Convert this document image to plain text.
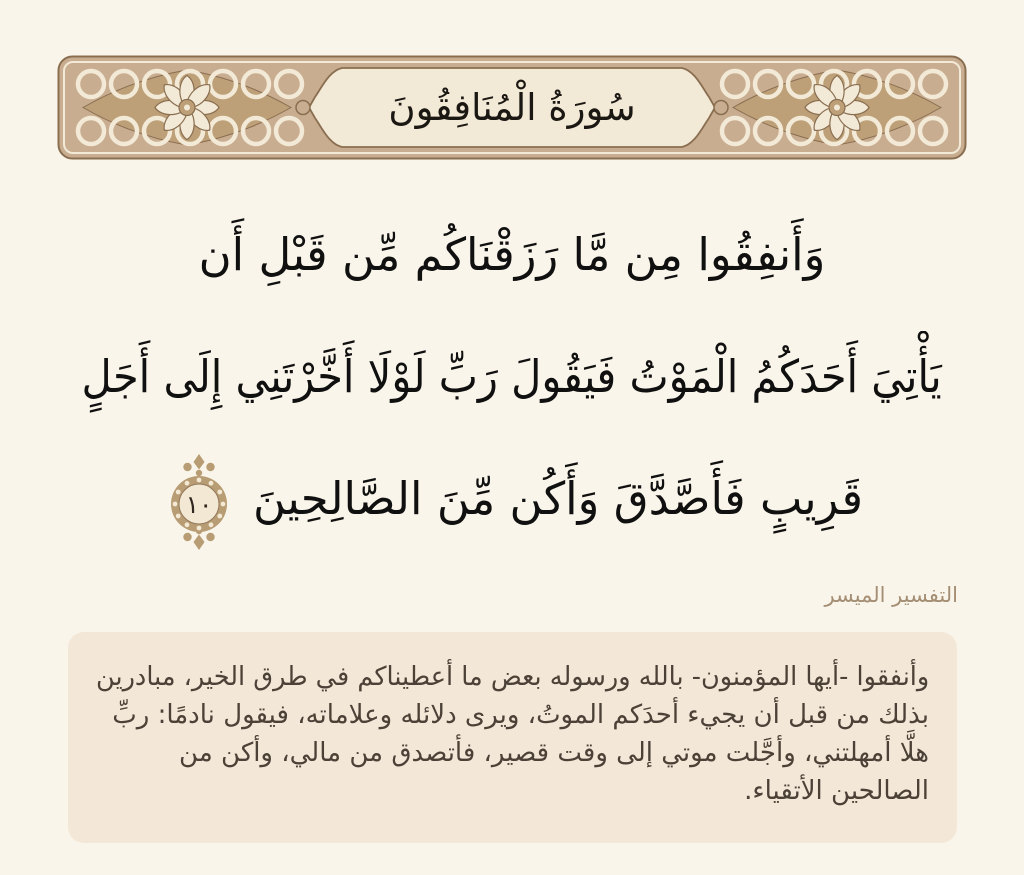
سُورَةُ الْمُنَافِقُونَ
وَأَنفِقُوا مِن مَّا رَزَقْنَاكُم مِّن قَبْلِ أَن
يَأْتِيَ أَحَدَكُمُ الْمَوْتُ فَيَقُولَ رَبِّ لَوْلَا أَخَّرْتَنِي إِلَى أَجَلٍ
قَرِيبٍ فَأَصَّدَّقَ وَأَكُن مِّنَ الصَّالِحِينَ
١٠
التفسير الميسر
وأنفقوا -أيها المؤمنون- بالله ورسوله بعض ما أعطيناكم في طرق الخير، مبادرين
بذلك من قبل أن يجيء أحدَكم الموتُ، ويرى دلائله وعلاماته، فيقول نادمًا: ربِّ
هلَّا أمهلتني، وأجَّلت موتي إلى وقت قصير، فأتصدق من مالي، وأكن من
الصالحين الأتقياء.
